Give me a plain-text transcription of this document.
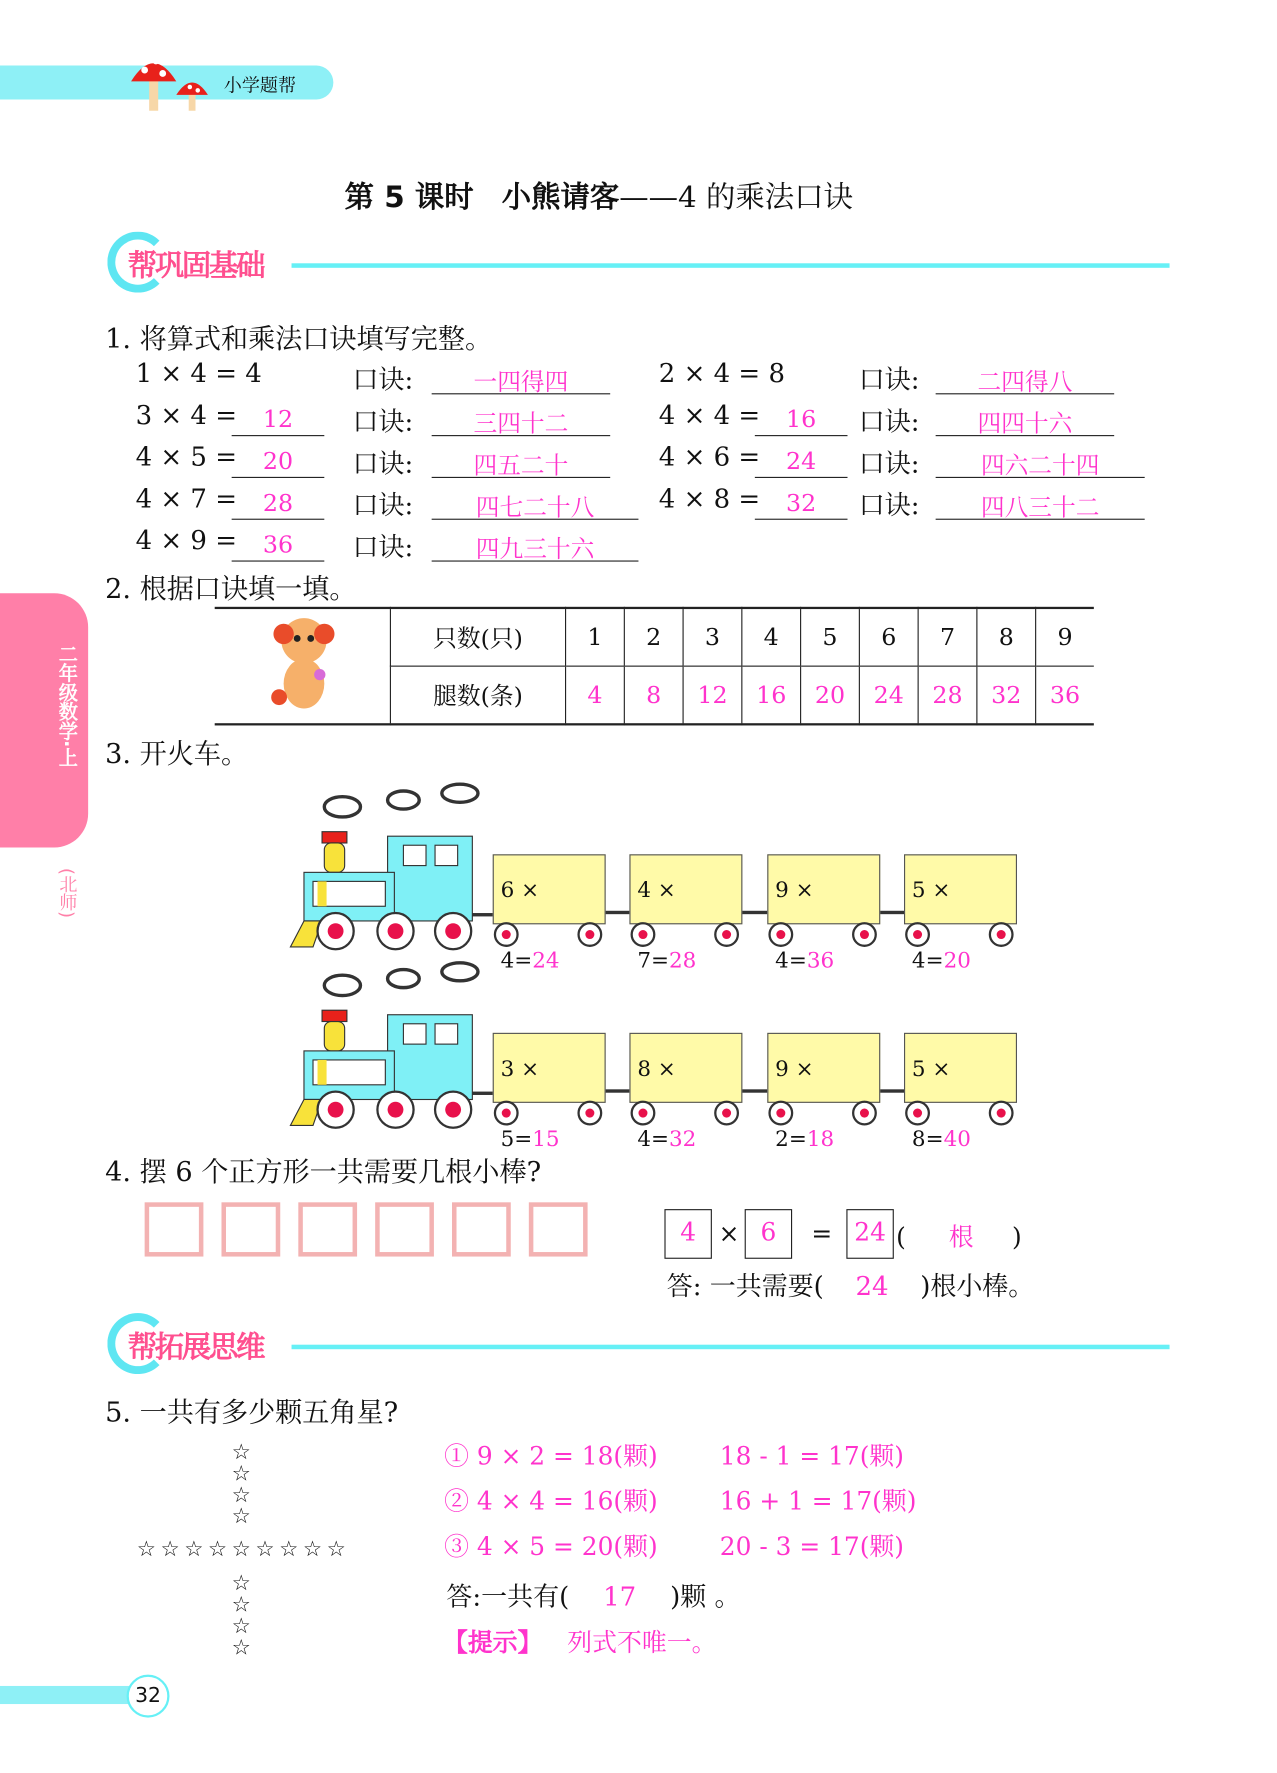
小学题帮
第 5 课时 小熊请客——4 的乘法口诀
二年级数学·上
(北师)
帮巩固基础
1. 将算式和乘法口诀填写完整。
2. 根据口诀填一填。
	只数(只)	1	2	3	4	5	6	7	8	9
	腿数(条)	4	8	12	16	20	24	28	32	36
3. 开火车。
4. 摆 6 个正方形一共需要几根小棒?
4	× 6	=	24 ( 根 )
答: 一共需要( 24 )根小棒。
帮拓展思维
5. 一共有多少颗五角星?
答:一共有( 17 )颗 。
【提示】 列式不唯一。
32
1 × 4 = 4	口诀:	一四得四	2 × 4 = 8	口诀:	二四得八
3 × 4 =	12	口诀:	三四十二	4 × 4 =	16	口诀:	四四十六
4 × 5 =	20	口诀:	四五二十	4 × 6 =	24	口诀:	四六二十四
4 × 7 =	28	口诀:	四七二十八	4 × 8 =	32	口诀:	四八三十二
4 × 9 =	36	口诀:	四九三十六
6 × 4=24
4 × 7=28
9 × 4=36
5 × 4=20
3 × 5=15
8 × 4=32
9 × 2=18
5 × 8=40
☆
☆
☆
☆
☆
☆
☆
☆
☆ ☆ ☆ ☆ ☆ ☆ ☆ ☆ ☆
① 9 × 2 = 18(颗)	18 - 1 = 17(颗)
② 4 × 4 = 16(颗)	16 + 1 = 17(颗)
③ 4 × 5 = 20(颗)	20 - 3 = 17(颗)
